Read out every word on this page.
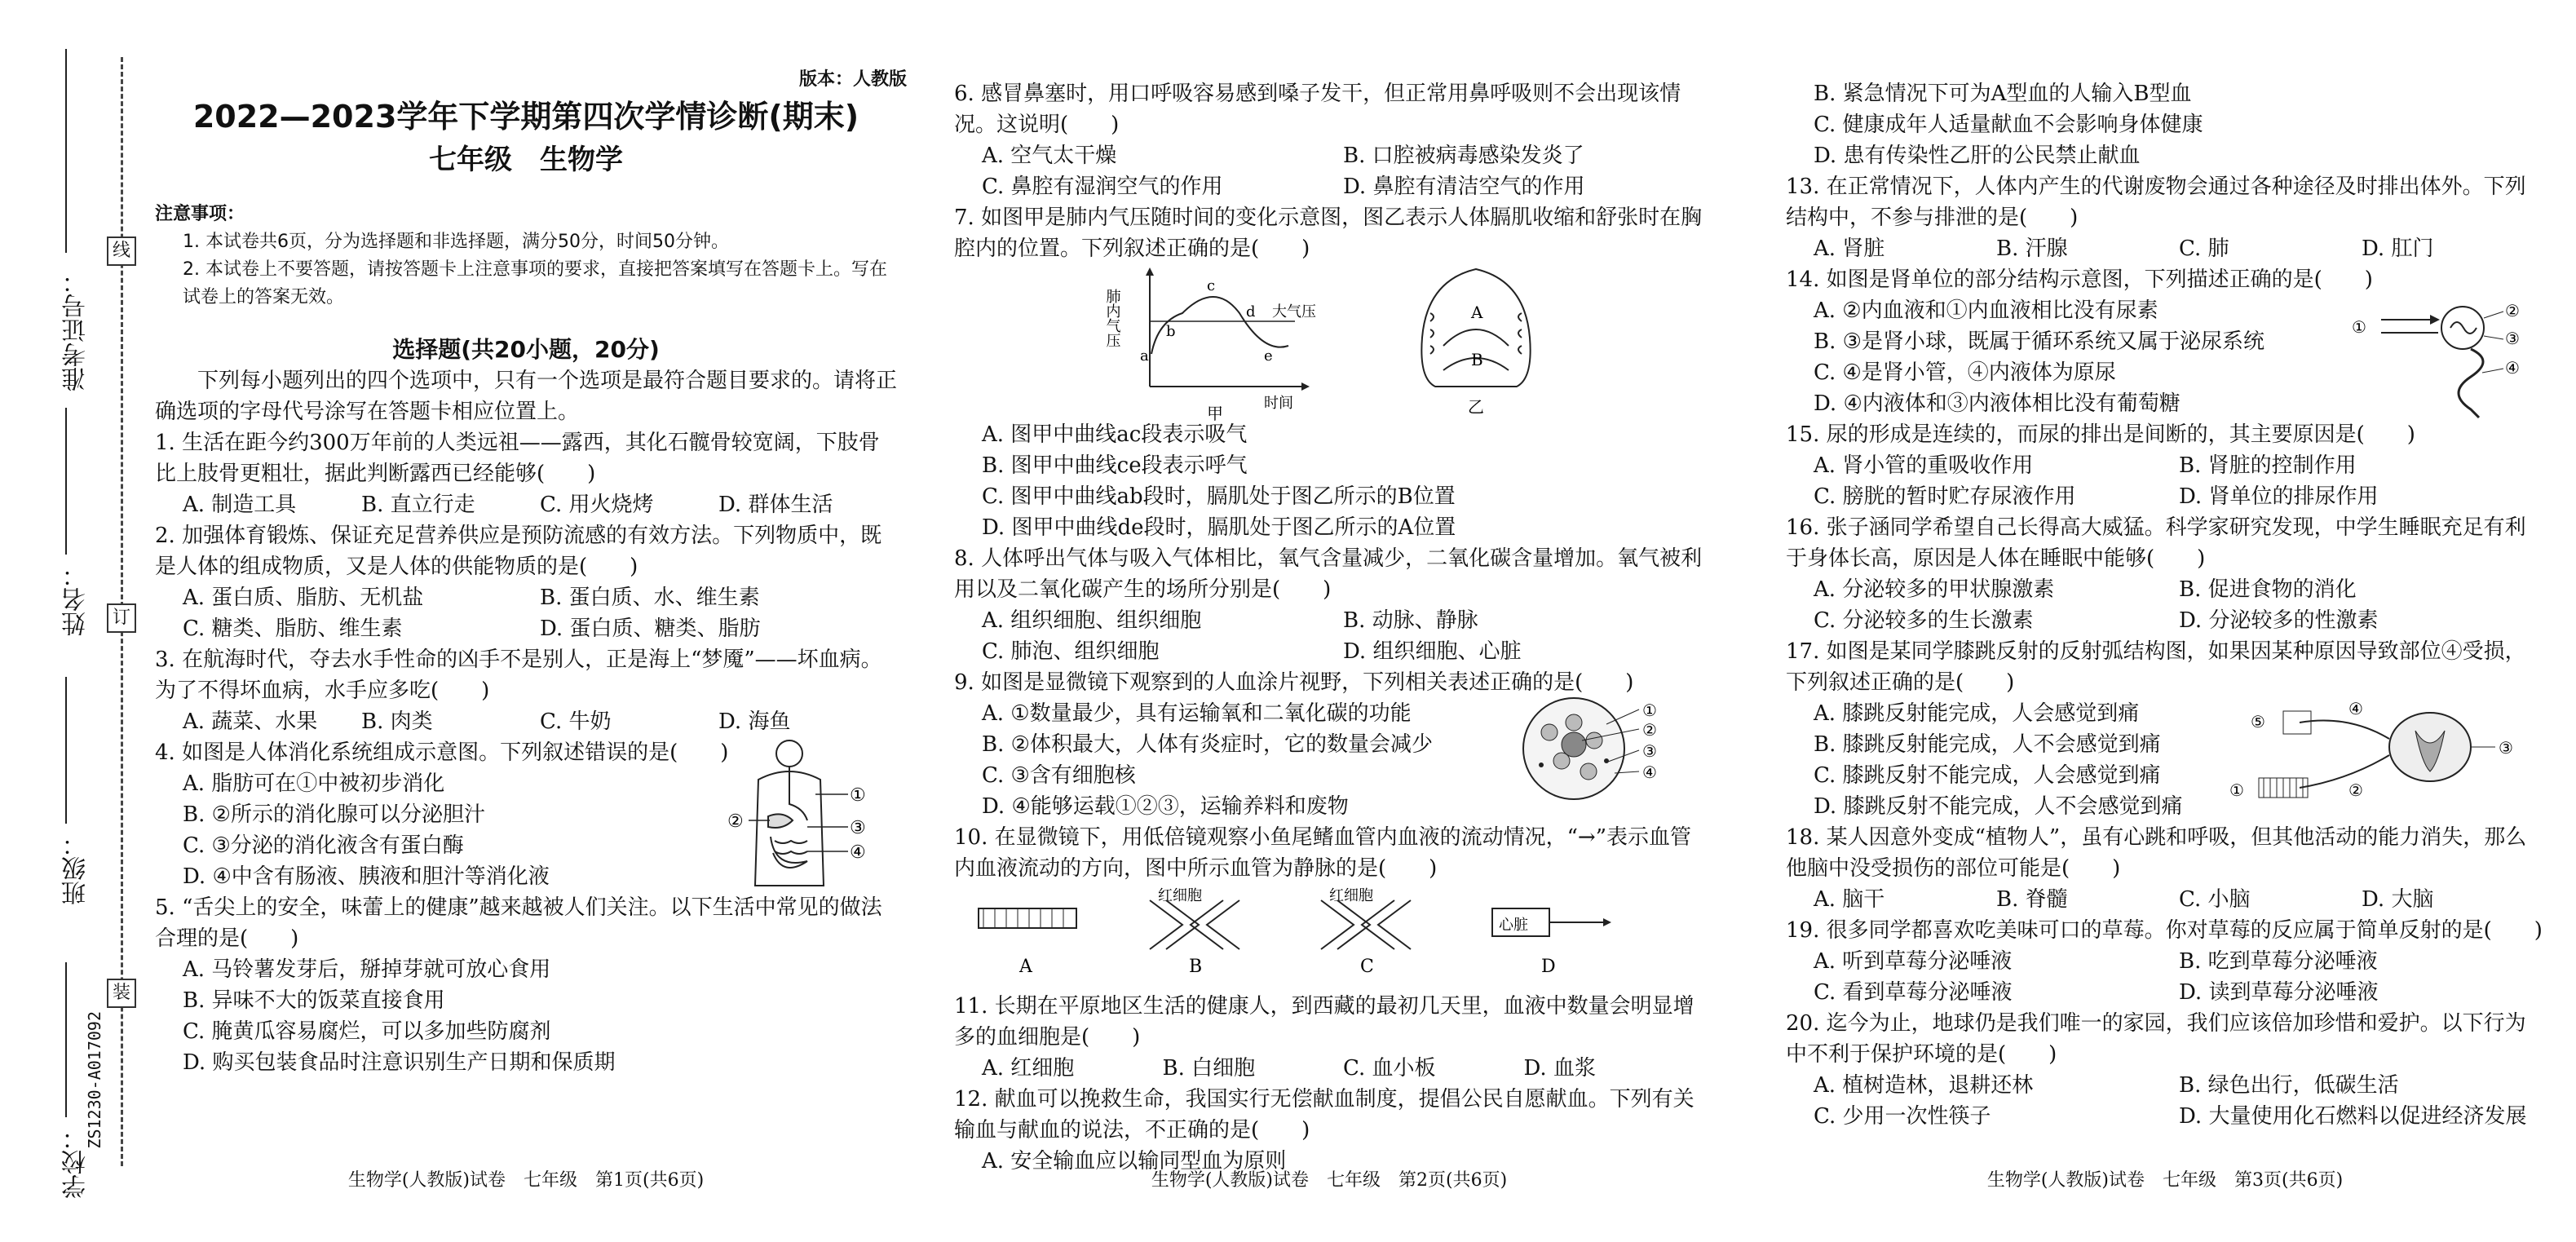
线
订
装
准考证号：
姓名：
班级：
学校：
ZS1230-A017092
版本：人教版

2022—2023学年下学期第四次学情诊断(期末)

七年级　生物学

注意事项：

1. 本试卷共6页，分为选择题和非选择题，满分50分，时间50分钟。

2. 本试卷上不要答题，请按答题卡上注意事项的要求，直接把答案填写在答题卡上。写在试卷上的答案无效。

选择题(共20小题，20分)

下列每小题列出的四个选项中，只有一个选项是最符合题目要求的。请将正确选项的字母代号涂写在答题卡相应位置上。

1. 生活在距今约300万年前的人类远祖——露西，其化石髋骨较宽阔，下肢骨比上肢骨更粗壮，据此判断露西已经能够(　　)

A. 制造工具	B. 直立行走	C. 用火烧烤	D. 群体生活

2. 加强体育锻炼、保证充足营养供应是预防流感的有效方法。下列物质中，既是人体的组成物质，又是人体的供能物质的是(　　)

A. 蛋白质、脂肪、无机盐	B. 蛋白质、水、维生素
C. 糖类、脂肪、维生素	D. 蛋白质、糖类、脂肪

3. 在航海时代，夺去水手性命的凶手不是别人，正是海上“梦魇”——坏血病。为了不得坏血病，水手应多吃(　　)

A. 蔬菜、水果	B. 肉类	C. 牛奶	D. 海鱼

4. 如图是人体消化系统组成示意图。下列叙述错误的是(　　)

A. 脂肪可在①中被初步消化

B. ②所示的消化腺可以分泌胆汁

C. ③分泌的消化液含有蛋白酶

D. ④中含有肠液、胰液和胆汁等消化液

①
②	③
④

5. “舌尖上的安全，味蕾上的健康”越来越被人们关注。以下生活中常见的做法合理的是(　　)

A. 马铃薯发芽后，掰掉芽就可放心食用

B. 异味不大的饭菜直接食用

C. 腌黄瓜容易腐烂，可以多加些防腐剂

D. 购买包装食品时注意识别生产日期和保质期

生物学(人教版)试卷　七年级　第1页(共6页)

6. 感冒鼻塞时，用口呼吸容易感到嗓子发干，但正常用鼻呼吸则不会出现该情况。这说明(　　)

A. 空气太干燥	B. 口腔被病毒感染发炎了
C. 鼻腔有湿润空气的作用	D. 鼻腔有清洁空气的作用

7. 如图甲是肺内气压随时间的变化示意图，图乙表示人体膈肌收缩和舒张时在胸腔内的位置。下列叙述正确的是(　　)

肺内气压
时间
大气压
a
b
c
d
e
甲
A
B
乙

A. 图甲中曲线ac段表示吸气

B. 图甲中曲线ce段表示呼气

C. 图甲中曲线ab段时，膈肌处于图乙所示的B位置

D. 图甲中曲线de段时，膈肌处于图乙所示的A位置

8. 人体呼出气体与吸入气体相比，氧气含量减少，二氧化碳含量增加。氧气被利用以及二氧化碳产生的场所分别是(　　)

A. 组织细胞、组织细胞	B. 动脉、静脉
C. 肺泡、组织细胞	D. 组织细胞、心脏

9. 如图是显微镜下观察到的人血涂片视野，下列相关表述正确的是(　　)

A. ①数量最少，具有运输氧和二氧化碳的功能

B. ②体积最大，人体有炎症时，它的数量会减少

C. ③含有细胞核

D. ④能够运载①②③，运输养料和废物

①
②
③
④

10. 在显微镜下，用低倍镜观察小鱼尾鳍血管内血液的流动情况，“→”表示血管内血液流动的方向，图中所示血管为静脉的是(　　)

A
红细胞
B
红细胞
C
心脏
D

11. 长期在平原地区生活的健康人，到西藏的最初几天里，血液中数量会明显增多的血细胞是(　　)

A. 红细胞	B. 白细胞	C. 血小板	D. 血浆

12. 献血可以挽救生命，我国实行无偿献血制度，提倡公民自愿献血。下列有关输血与献血的说法，不正确的是(　　)

A. 安全输血应以输同型血为原则

生物学(人教版)试卷　七年级　第2页(共6页)

B. 紧急情况下可为A型血的人输入B型血

C. 健康成年人适量献血不会影响身体健康

D. 患有传染性乙肝的公民禁止献血

13. 在正常情况下，人体内产生的代谢废物会通过各种途径及时排出体外。下列结构中，不参与排泄的是(　　)

A. 肾脏	B. 汗腺	C. 肺	D. 肛门

14. 如图是肾单位的部分结构示意图，下列描述正确的是(　　)

A. ②内血液和①内血液相比没有尿素

B. ③是肾小球，既属于循环系统又属于泌尿系统

C. ④是肾小管，④内液体为原尿

D. ④内液体和③内液体相比没有葡萄糖

①
②
③
④

15. 尿的形成是连续的，而尿的排出是间断的，其主要原因是(　　)

A. 肾小管的重吸收作用	B. 肾脏的控制作用
C. 膀胱的暂时贮存尿液作用	D. 肾单位的排尿作用

16. 张子涵同学希望自己长得高大威猛。科学家研究发现，中学生睡眠充足有利于身体长高，原因是人体在睡眠中能够(　　)

A. 分泌较多的甲状腺激素	B. 促进食物的消化
C. 分泌较多的生长激素	D. 分泌较多的性激素

17. 如图是某同学膝跳反射的反射弧结构图，如果因某种原因导致部位④受损，下列叙述正确的是(　　)

A. 膝跳反射能完成，人会感觉到痛

B. 膝跳反射能完成，人不会感觉到痛

C. 膝跳反射不能完成，人会感觉到痛

D. 膝跳反射不能完成，人不会感觉到痛

③
①
⑤
④
②

18. 某人因意外变成“植物人”，虽有心跳和呼吸，但其他活动的能力消失，那么他脑中没受损伤的部位可能是(　　)

A. 脑干	B. 脊髓	C. 小脑	D. 大脑

19. 很多同学都喜欢吃美味可口的草莓。你对草莓的反应属于简单反射的是(　　)

A. 听到草莓分泌唾液	B. 吃到草莓分泌唾液
C. 看到草莓分泌唾液	D. 读到草莓分泌唾液

20. 迄今为止，地球仍是我们唯一的家园，我们应该倍加珍惜和爱护。以下行为中不利于保护环境的是(　　)

A. 植树造林，退耕还林	B. 绿色出行，低碳生活
C. 少用一次性筷子	D. 大量使用化石燃料以促进经济发展
生物学(人教版)试卷　七年级　第3页(共6页)
